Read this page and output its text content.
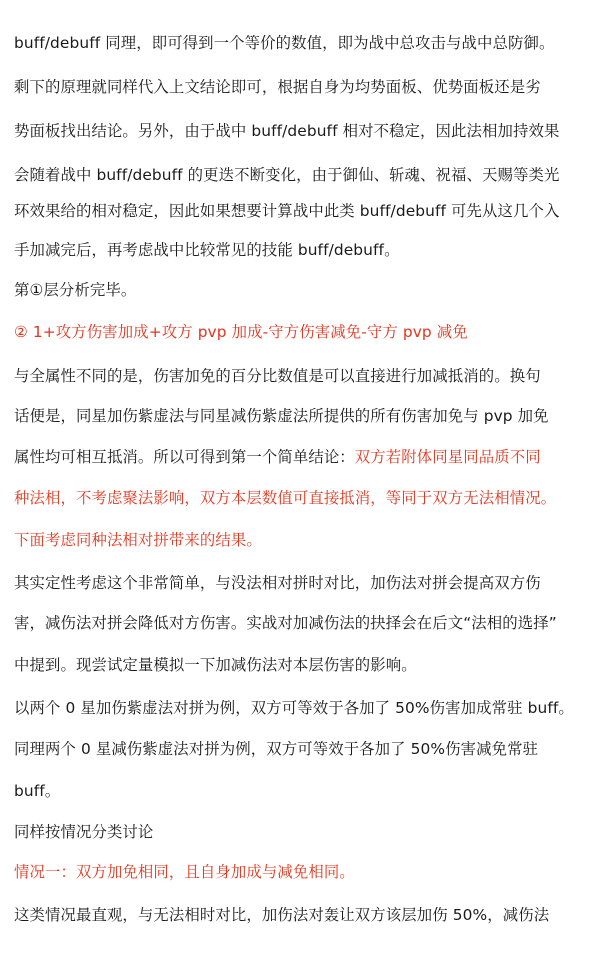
buff/debuff 同理，即可得到一个等价的数值，即为战中总攻击与战中总防御。
剩下的原理就同样代入上文结论即可，根据自身为均势面板、优势面板还是劣
势面板找出结论。另外，由于战中 buff/debuff 相对不稳定，因此法相加持效果
会随着战中 buff/debuff 的更迭不断变化，由于御仙、斩魂、祝福、天赐等类光
环效果给的相对稳定，因此如果想要计算战中此类 buff/debuff 可先从这几个入
手加减完后，再考虑战中比较常见的技能 buff/debuff。
第①层分析完毕。
② 1+攻方伤害加成+攻方 pvp 加成-守方伤害减免-守方 pvp 减免
与全属性不同的是，伤害加免的百分比数值是可以直接进行加减抵消的。换句
话便是，同星加伤紫虚法与同星减伤紫虚法所提供的所有伤害加免与 pvp 加免
属性均可相互抵消。所以可得到第一个简单结论：双方若附体同星同品质不同
种法相，不考虑聚法影响，双方本层数值可直接抵消，等同于双方无法相情况。
下面考虑同种法相对拼带来的结果。
其实定性考虑这个非常简单，与没法相对拼时对比，加伤法对拼会提高双方伤
害，减伤法对拼会降低对方伤害。实战对加减伤法的抉择会在后文“法相的选择”
中提到。现尝试定量模拟一下加减伤法对本层伤害的影响。
以两个 0 星加伤紫虚法对拼为例，双方可等效于各加了 50%伤害加成常驻 buff。
同理两个 0 星减伤紫虚法对拼为例，双方可等效于各加了 50%伤害减免常驻
buff。
同样按情况分类讨论
情况一：双方加免相同，且自身加成与减免相同。
这类情况最直观，与无法相时对比，加伤法对轰让双方该层加伤 50%，减伤法
